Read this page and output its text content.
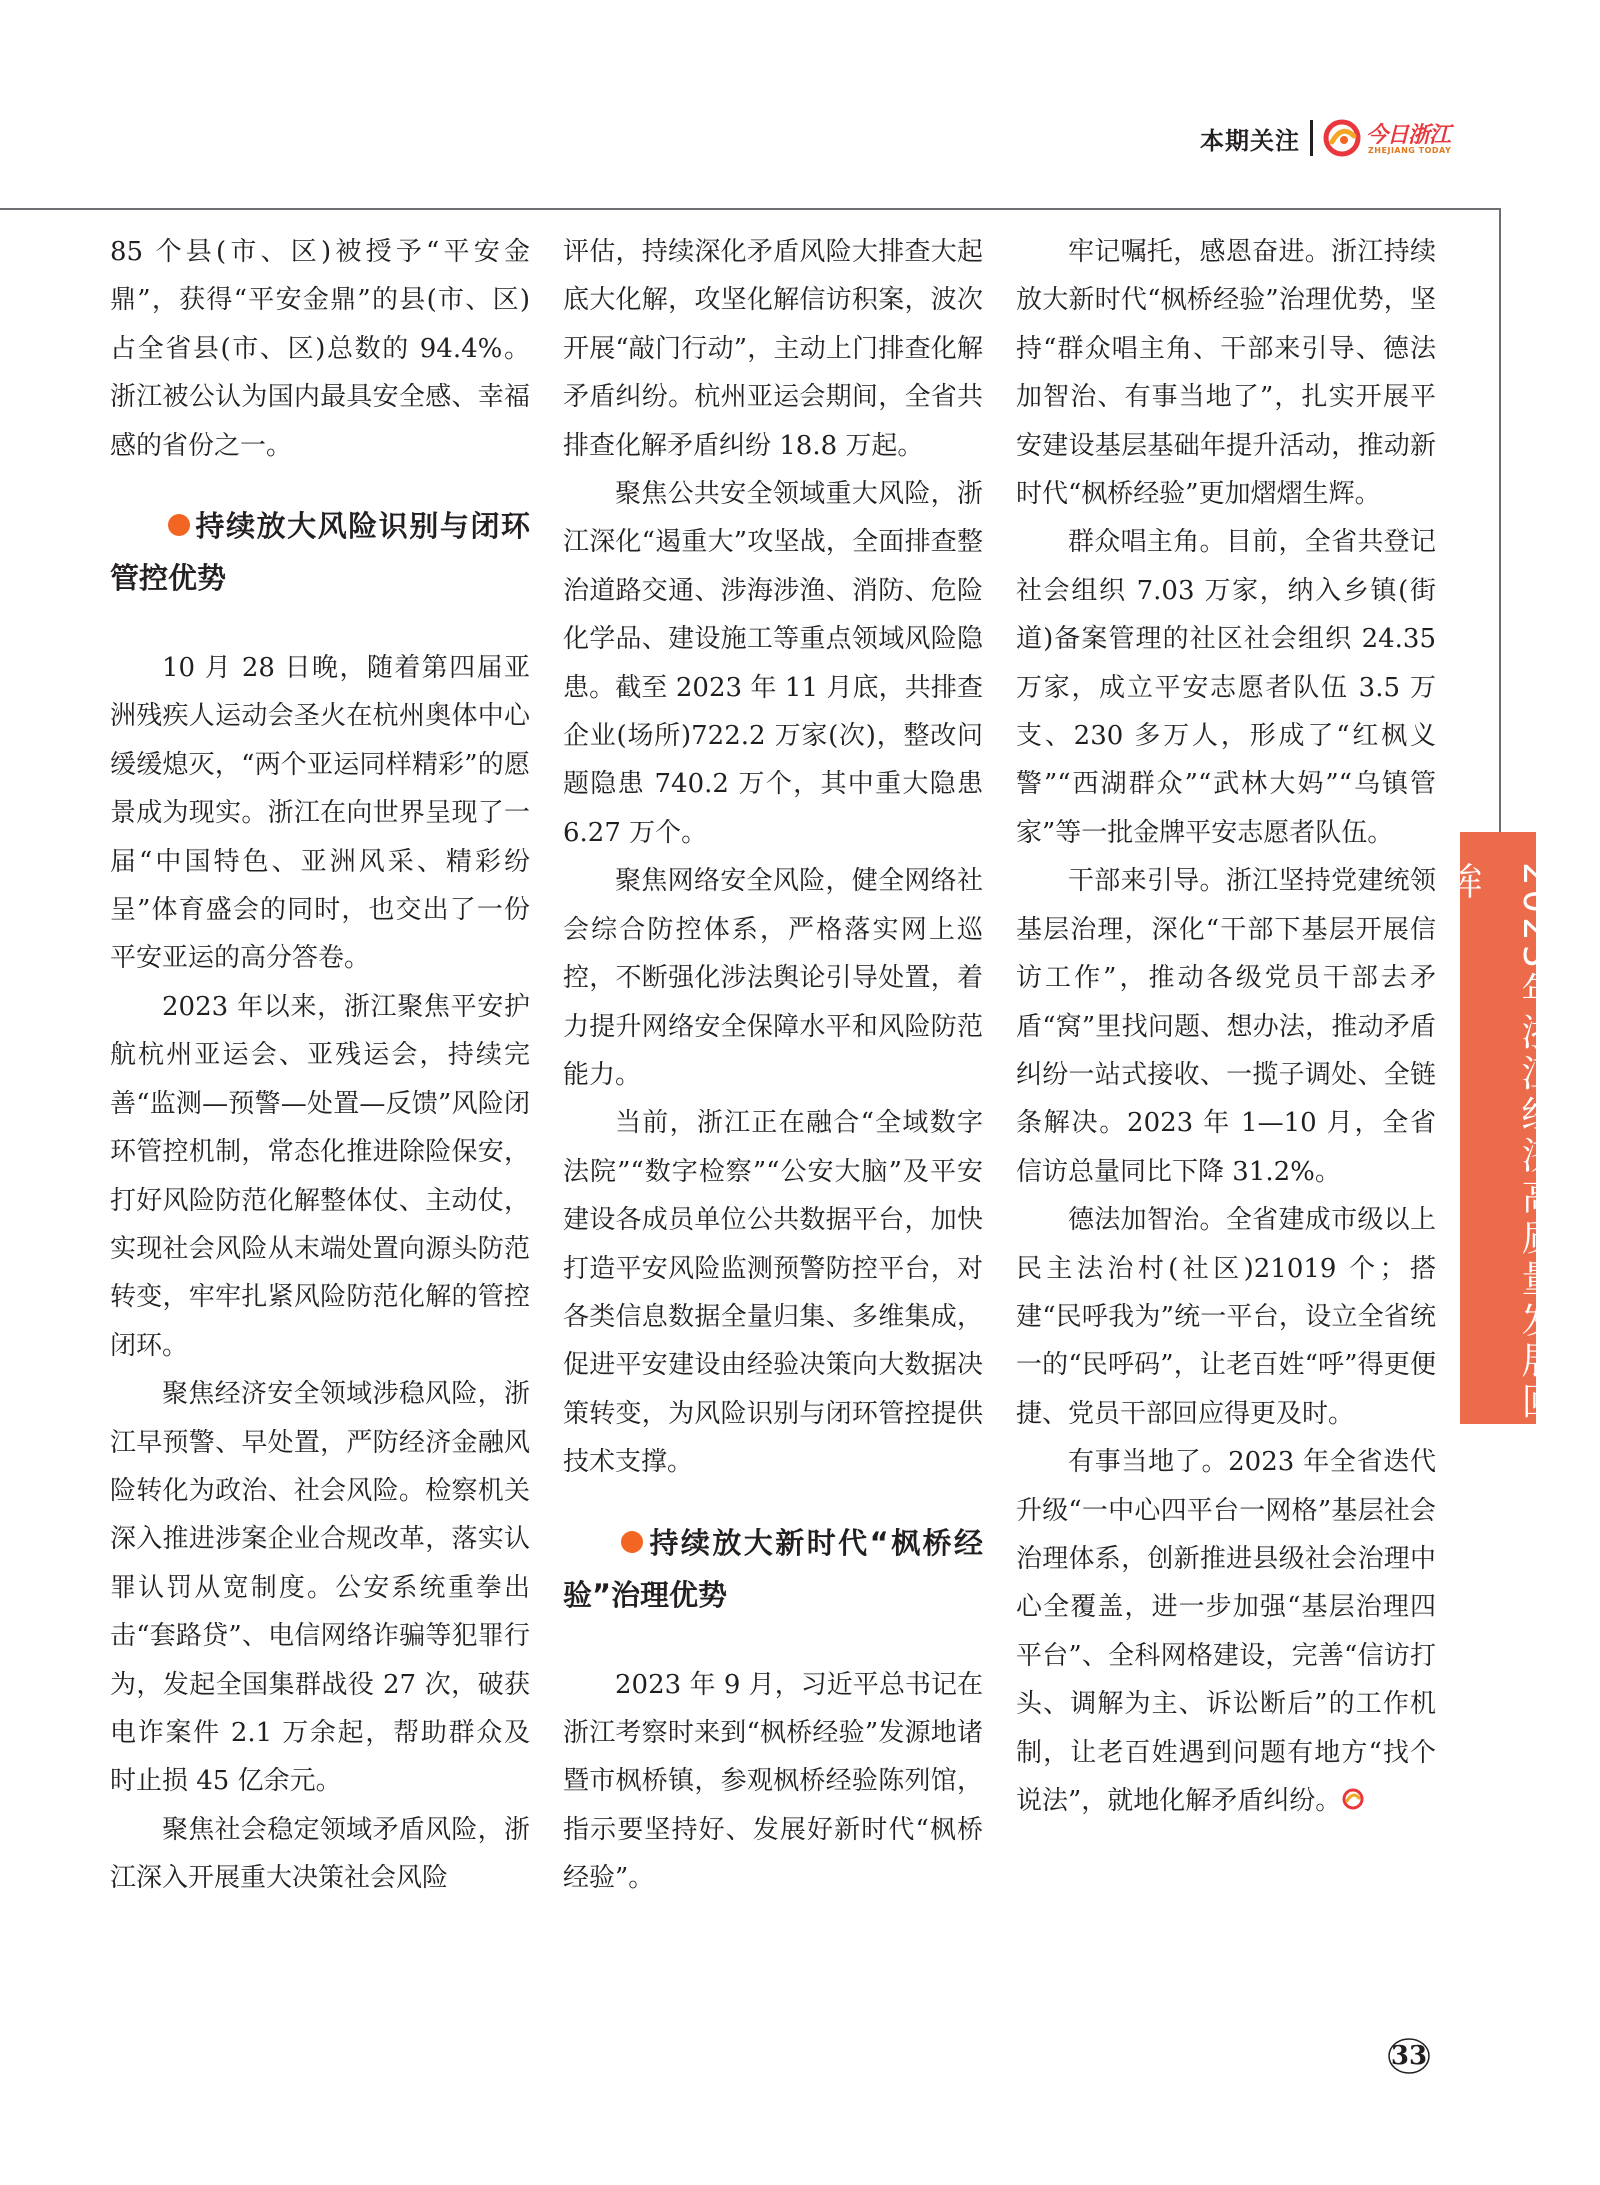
本期关注	今日浙江
ZHEJIANG TODAY

85 个县(市、区)被授予“平安金鼎”，获得“平安金鼎”的县(市、区)占全省县(市、区)总数的 94.4%。浙江被公认为国内最具安全感、幸福感的省份之一。

持续放大风险识别与闭环管控优势

10 月 28 日晚，随着第四届亚洲残疾人运动会圣火在杭州奥体中心缓缓熄灭，“两个亚运同样精彩”的愿景成为现实。浙江在向世界呈现了一届“中国特色、亚洲风采、精彩纷呈”体育盛会的同时，也交出了一份平安亚运的高分答卷。

2023 年以来，浙江聚焦平安护航杭州亚运会、亚残运会，持续完善“监测—预警—处置—反馈”风险闭环管控机制，常态化推进除险保安，打好风险防范化解整体仗、主动仗，实现社会风险从末端处置向源头防范转变，牢牢扎紧风险防范化解的管控闭环。

聚焦经济安全领域涉稳风险，浙江早预警、早处置，严防经济金融风险转化为政治、社会风险。检察机关深入推进涉案企业合规改革，落实认罪认罚从宽制度。公安系统重拳出击“套路贷”、电信网络诈骗等犯罪行为，发起全国集群战役 27 次，破获电诈案件 2.1 万余起，帮助群众及时止损 45 亿余元。

聚焦社会稳定领域矛盾风险，浙江深入开展重大决策社会风险

评估，持续深化矛盾风险大排查大起底大化解，攻坚化解信访积案，波次开展“敲门行动”，主动上门排查化解矛盾纠纷。杭州亚运会期间，全省共排查化解矛盾纠纷 18.8 万起。

聚焦公共安全领域重大风险，浙江深化“遏重大”攻坚战，全面排查整治道路交通、涉海涉渔、消防、危险化学品、建设施工等重点领域风险隐患。截至 2023 年 11 月底，共排查企业(场所)722.2 万家(次)，整改问题隐患 740.2 万个，其中重大隐患 6.27 万个。

聚焦网络安全风险，健全网络社会综合防控体系，严格落实网上巡控，不断强化涉法舆论引导处置，着力提升网络安全保障水平和风险防范能力。

当前，浙江正在融合“全域数字法院”“数字检察”“公安大脑”及平安建设各成员单位公共数据平台，加快打造平安风险监测预警防控平台，对各类信息数据全量归集、多维集成，促进平安建设由经验决策向大数据决策转变，为风险识别与闭环管控提供技术支撑。

持续放大新时代“枫桥经验”治理优势

2023 年 9 月，习近平总书记在浙江考察时来到“枫桥经验”发源地诸暨市枫桥镇，参观枫桥经验陈列馆，指示要坚持好、发展好新时代“枫桥经验”。

牢记嘱托，感恩奋进。浙江持续放大新时代“枫桥经验”治理优势，坚持“群众唱主角、干部来引导、德法加智治、有事当地了”，扎实开展平安建设基层基础年提升活动，推动新时代“枫桥经验”更加熠熠生辉。

群众唱主角。目前，全省共登记社会组织 7.03 万家，纳入乡镇(街道)备案管理的社区社会组织 24.35 万家，成立平安志愿者队伍 3.5 万支、230 多万人，形成了“红枫义警”“西湖群众”“武林大妈”“乌镇管家”等一批金牌平安志愿者队伍。

干部来引导。浙江坚持党建统领基层治理，深化“干部下基层开展信访工作”，推动各级党员干部去矛盾“窝”里找问题、想办法，推动矛盾纠纷一站式接收、一揽子调处、全链条解决。2023 年 1—10 月，全省信访总量同比下降 31.2%。

德法加智治。全省建成市级以上民主法治村(社区)21019 个；搭建“民呼我为”统一平台，设立全省统一的“民呼码”，让老百姓“呼”得更便捷、党员干部回应得更及时。

有事当地了。2023 年全省迭代升级“一中心四平台一网格”基层社会治理体系，创新推进县级社会治理中心全覆盖，进一步加强“基层治理四平台”、全科网格建设，完善“信访打头、调解为主、诉讼断后”的工作机制，让老百姓遇到问题有地方“找个说法”，就地化解矛盾纠纷。

2023年浙江经济高质量发展回眸
33
